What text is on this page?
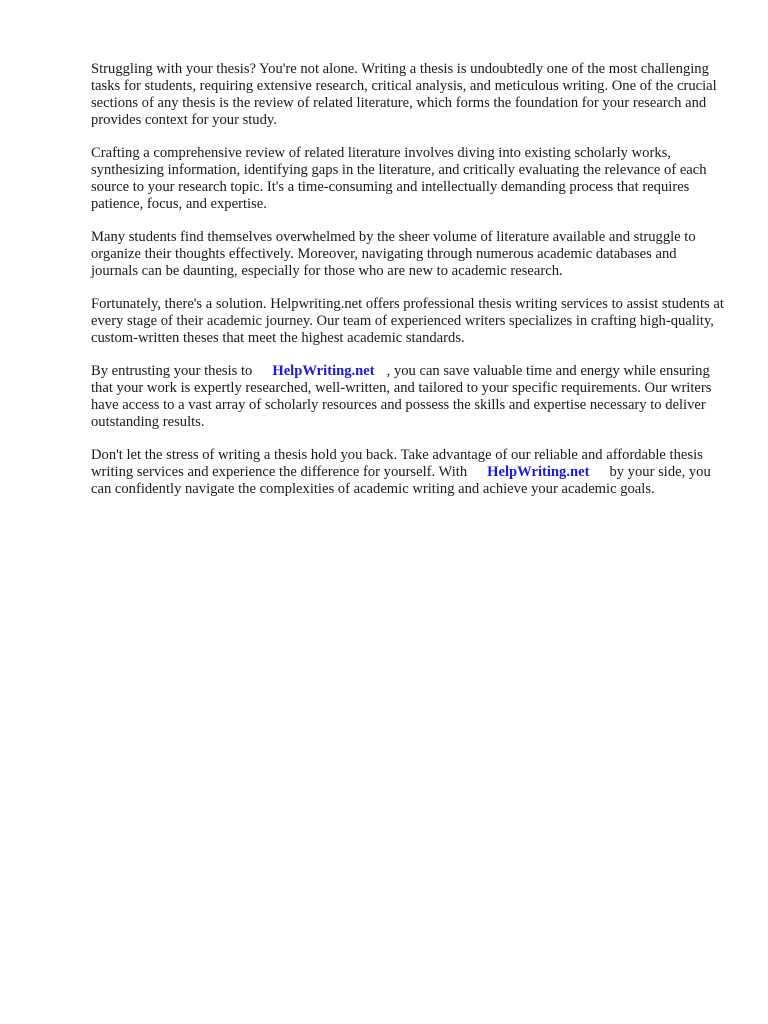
Struggling with your thesis? You're not alone. Writing a thesis is undoubtedly one of the most challenging tasks for students, requiring extensive research, critical analysis, and meticulous writing. One of the crucial sections of any thesis is the review of related literature, which forms the foundation for your research and provides context for your study.

Crafting a comprehensive review of related literature involves diving into existing scholarly works, synthesizing information, identifying gaps in the literature, and critically evaluating the relevance of each source to your research topic. It's a time-consuming and intellectually demanding process that requires patience, focus, and expertise.

Many students find themselves overwhelmed by the sheer volume of literature available and struggle to organize their thoughts effectively. Moreover, navigating through numerous academic databases and journals can be daunting, especially for those who are new to academic research.

Fortunately, there's a solution. Helpwriting.net offers professional thesis writing services to assist students at every stage of their academic journey. Our team of experienced writers specializes in crafting high-quality, custom-written theses that meet the highest academic standards.

By entrusting your thesis to HelpWriting.net , you can save valuable time and energy while ensuring that your work is expertly researched, well-written, and tailored to your specific requirements. Our writers have access to a vast array of scholarly resources and possess the skills and expertise necessary to deliver outstanding results.

Don't let the stress of writing a thesis hold you back. Take advantage of our reliable and affordable thesis writing services and experience the difference for yourself. With HelpWriting.net by your side, you can confidently navigate the complexities of academic writing and achieve your academic goals.
